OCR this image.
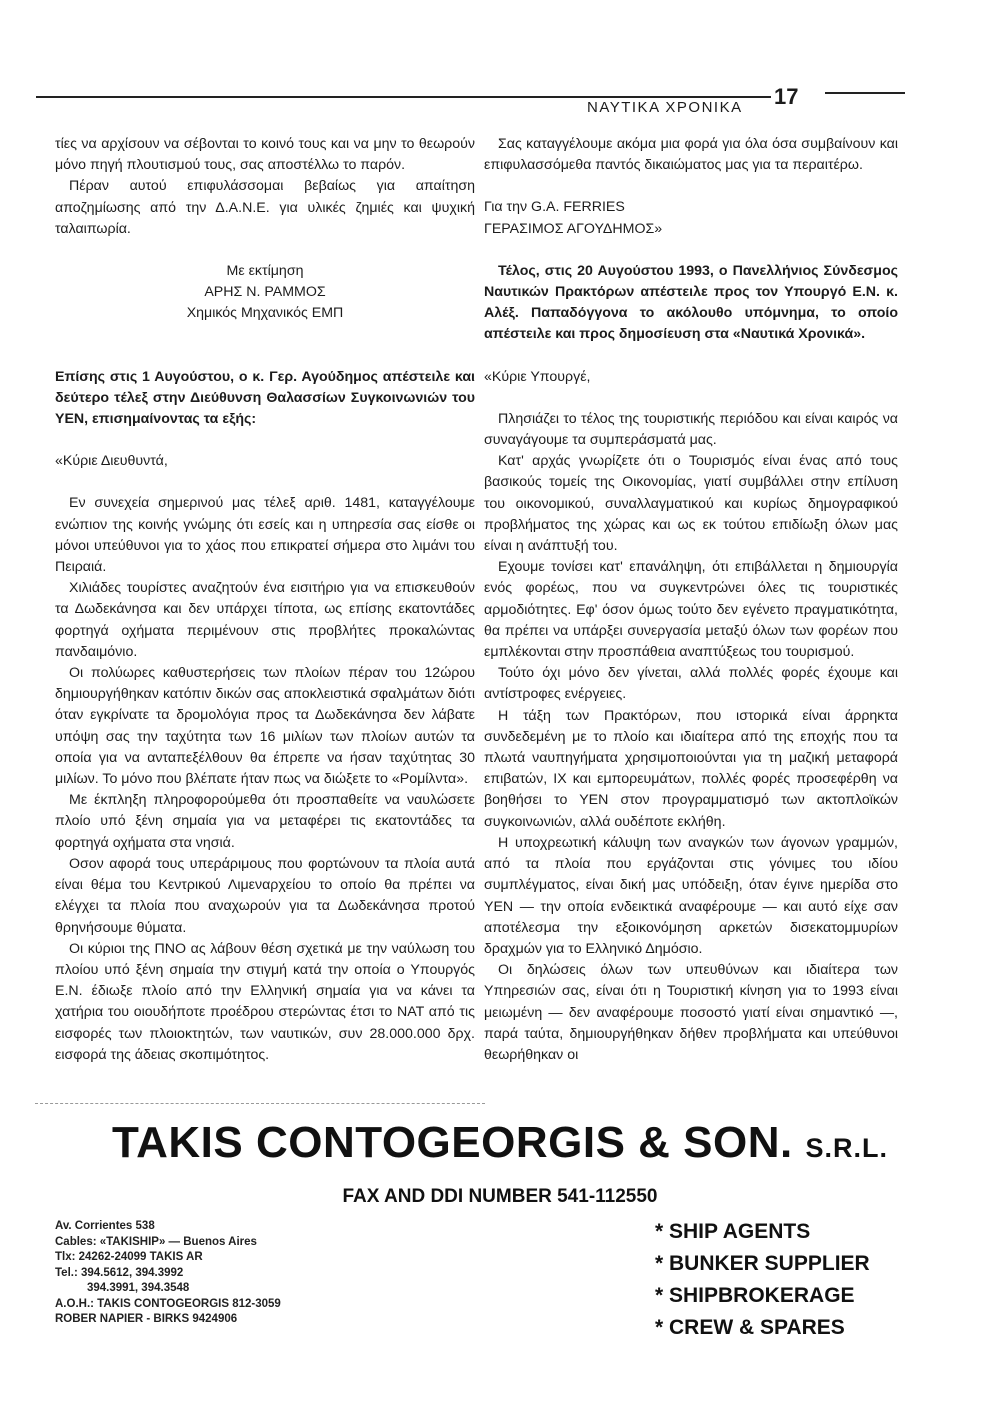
17
ΝΑΥΤΙΚΑ ΧΡΟΝΙΚΑ

τίες να αρχίσουν να σέβονται το κοινό τους και να μην το θεωρούν μόνο πηγή πλουτισμού τους, σας αποστέλλω το παρόν.

Πέραν αυτού επιφυλάσσομαι βεβαίως για απαίτηση αποζημίωσης από την Δ.Α.Ν.Ε. για υλικές ζημιές και ψυχική ταλαιπωρία.

Με εκτίμηση

ΑΡΗΣ Ν. ΡΑΜΜΟΣ

Χημικός Μηχανικός ΕΜΠ

Επίσης στις 1 Αυγούστου, ο κ. Γερ. Αγούδημος απέστειλε και δεύτερο τέλεξ στην Διεύθυνση Θαλασσίων Συγκοινωνιών του ΥΕΝ, επισημαίνοντας τα εξής:

«Κύριε Διευθυντά,

Εν συνεχεία σημερινού μας τέλεξ αριθ. 1481, καταγγέλουμε ενώπιον της κοινής γνώμης ότι εσείς και η υπηρεσία σας είσθε οι μόνοι υπεύθυνοι για το χάος που επικρατεί σήμερα στο λιμάνι του Πειραιά.

Χιλιάδες τουρίστες αναζητούν ένα εισιτήριο για να επισκευθούν τα Δωδεκάνησα και δεν υπάρχει τίποτα, ως επίσης εκατοντάδες φορτηγά οχήματα περιμένουν στις προβλήτες προκαλώντας πανδαιμόνιο.

Οι πολύωρες καθυστερήσεις των πλοίων πέραν του 12ώρου δημιουργήθηκαν κατόπιν δικών σας αποκλειστικά σφαλμάτων διότι όταν εγκρίνατε τα δρομολόγια προς τα Δωδεκάνησα δεν λάβατε υπόψη σας την ταχύτητα των 16 μιλίων των πλοίων αυτών τα οποία για να ανταπεξέλθουν θα έπρεπε να ήσαν ταχύτητας 30 μιλίων. Το μόνο που βλέπατε ήταν πως να διώξετε το «Ρομίλντα».

Με έκπληξη πληροφορούμεθα ότι προσπαθείτε να ναυλώσετε πλοίο υπό ξένη σημαία για να μεταφέρει τις εκατοντάδες τα φορτηγά οχήματα στα νησιά.

Οσον αφορά τους υπεράριμους που φορτώνουν τα πλοία αυτά είναι θέμα του Κεντρικού Λιμεναρχείου το οποίο θα πρέπει να ελέγχει τα πλοία που αναχωρούν για τα Δωδεκάνησα προτού θρηνήσουμε θύματα.

Οι κύριοι της ΠΝΟ ας λάβουν θέση σχετικά με την ναύλωση του πλοίου υπό ξένη σημαία την στιγμή κατά την οποία ο Υπουργός Ε.Ν. έδιωξε πλοίο από την Ελληνική σημαία για να κάνει τα χατήρια του οιουδήποτε προέδρου στερώντας έτσι το ΝΑΤ από τις εισφορές των πλοιοκτητών, των ναυτικών, συν 28.000.000 δρχ. εισφορά της άδειας σκοπιμότητος.

Σας καταγγέλουμε ακόμα μια φορά για όλα όσα συμβαίνουν και επιφυλασσόμεθα παντός δικαιώματος μας για τα περαιτέρω.

Για την G.A. FERRIES

ΓΕΡΑΣΙΜΟΣ ΑΓΟΥΔΗΜΟΣ»

Τέλος, στις 20 Αυγούστου 1993, ο Πανελλήνιος Σύνδεσμος Ναυτικών Πρακτόρων απέστειλε προς τον Υπουργό Ε.Ν. κ. Αλέξ. Παπαδόγγονα το ακόλουθο υπόμνημα, το οποίο απέστειλε και προς δημοσίευση στα «Ναυτικά Χρονικά».

«Κύριε Υπουργέ,

Πλησιάζει το τέλος της τουριστικής περιόδου και είναι καιρός να συναγάγουμε τα συμπεράσματά μας.

Κατ' αρχάς γνωρίζετε ότι ο Τουρισμός είναι ένας από τους βασικούς τομείς της Οικονομίας, γιατί συμβάλλει στην επίλυση του οικονομικού, συναλλαγματικού και κυρίως δημογραφικού προβλήματος της χώρας και ως εκ τούτου επιδίωξη όλων μας είναι η ανάπτυξή του.

Εχουμε τονίσει κατ' επανάληψη, ότι επιβάλλεται η δημιουργία ενός φορέως, που να συγκεντρώνει όλες τις τουριστικές αρμοδιότητες. Εφ' όσον όμως τούτο δεν εγένετο πραγματικότητα, θα πρέπει να υπάρξει συνεργασία μεταξύ όλων των φορέων που εμπλέκονται στην προσπάθεια αναπτύξεως του τουρισμού.

Τούτο όχι μόνο δεν γίνεται, αλλά πολλές φορές έχουμε και αντίστροφες ενέργειες.

Η τάξη των Πρακτόρων, που ιστορικά είναι άρρηκτα συνδεδεμένη με το πλοίο και ιδιαίτερα από της εποχής που τα πλωτά ναυπηγήματα χρησιμοποιούνται για τη μαζική μεταφορά επιβατών, ΙΧ και εμπορευμάτων, πολλές φορές προσεφέρθη να βοηθήσει το ΥΕΝ στον προγραμματισμό των ακτοπλοϊκών συγκοινωνιών, αλλά ουδέποτε εκλήθη.

Η υποχρεωτική κάλυψη των αναγκών των άγονων γραμμών, από τα πλοία που εργάζονται στις γόνιμες του ιδίου συμπλέγματος, είναι δική μας υπόδειξη, όταν έγινε ημερίδα στο ΥΕΝ — την οποία ενδεικτικά αναφέρουμε — και αυτό είχε σαν αποτέλεσμα την εξοικονόμηση αρκετών δισεκατομμυρίων δραχμών για το Ελληνικό Δημόσιο.

Οι δηλώσεις όλων των υπευθύνων και ιδιαίτερα των Υπηρεσιών σας, είναι ότι η Τουριστική κίνηση για το 1993 είναι μειωμένη — δεν αναφέρουμε ποσοστό γιατί είναι σημαντικό —, παρά ταύτα, δημιουργήθηκαν δήθεν προβλήματα και υπεύθυνοι θεωρήθηκαν οι

TAKIS CONTOGEORGIS & SON. S.R.L.
FAX AND DDI NUMBER 541-112550
Av. Corrientes 538
Cables: «TAKISHIP» — Buenos Aires
Tlx: 24262-24099 TAKIS AR
Tel.: 394.5612, 394.3992
394.3991, 394.3548
A.O.H.: TAKIS CONTOGEORGIS 812-3059
ROBER NAPIER - BIRKS 9424906
* SHIP AGENTS
* BUNKER SUPPLIER
* SHIPBROKERAGE
* CREW & SPARES
